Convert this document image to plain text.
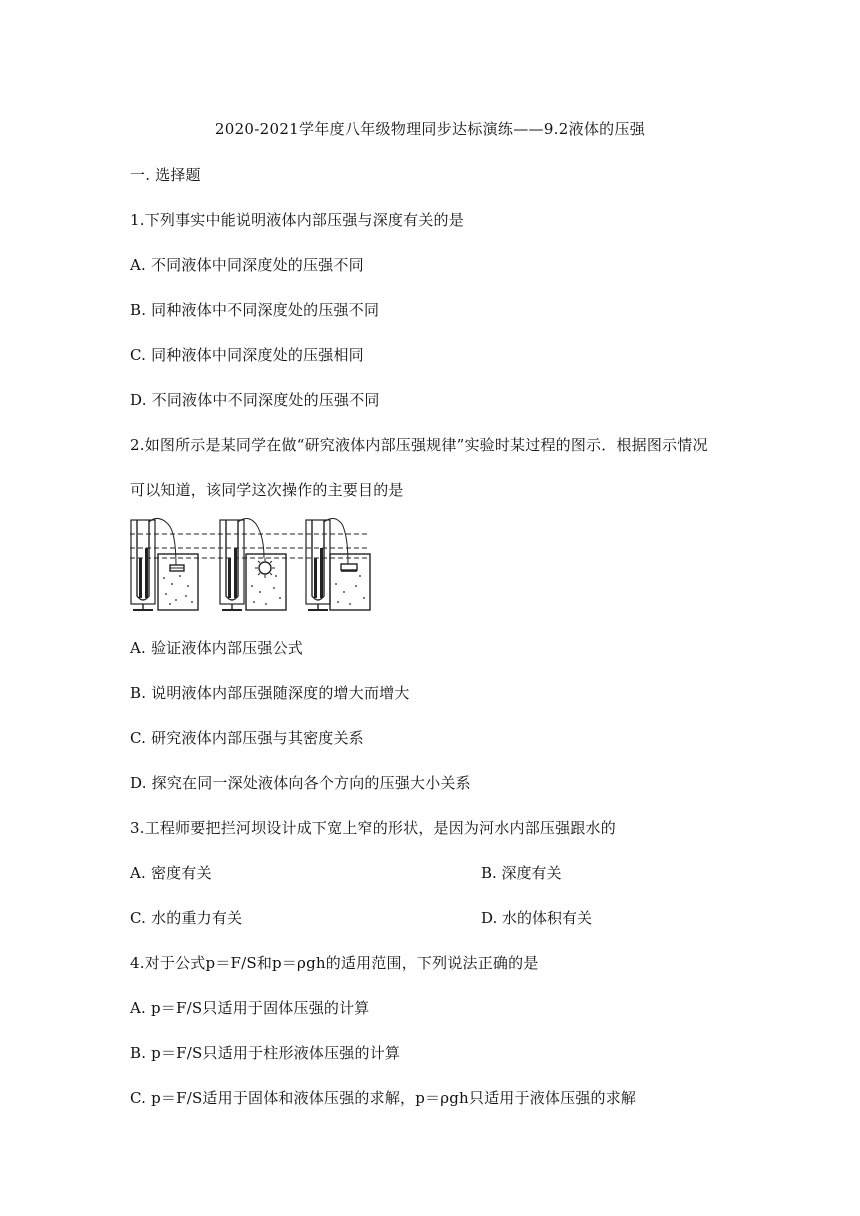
2020-2021学年度八年级物理同步达标演练——9.2液体的压强
一. 选择题
1.下列事实中能说明液体内部压强与深度有关的是
A. 不同液体中同深度处的压强不同
B. 同种液体中不同深度处的压强不同
C. 同种液体中同深度处的压强相同
D. 不同液体中不同深度处的压强不同
2.如图所示是某同学在做“研究液体内部压强规律”实验时某过程的图示．根据图示情况
可以知道，该同学这次操作的主要目的是
A. 验证液体内部压强公式
B. 说明液体内部压强随深度的增大而增大
C. 研究液体内部压强与其密度关系
D. 探究在同一深处液体向各个方向的压强大小关系
3.工程师要把拦河坝设计成下宽上窄的形状，是因为河水内部压强跟水的
A. 密度有关	B. 深度有关
C. 水的重力有关	D. 水的体积有关
4.对于公式p＝F/S和p＝ρgh的适用范围，下列说法正确的是
A. p＝F/S只适用于固体压强的计算
B. p＝F/S只适用于柱形液体压强的计算
C. p＝F/S适用于固体和液体压强的求解，p＝ρgh只适用于液体压强的求解
